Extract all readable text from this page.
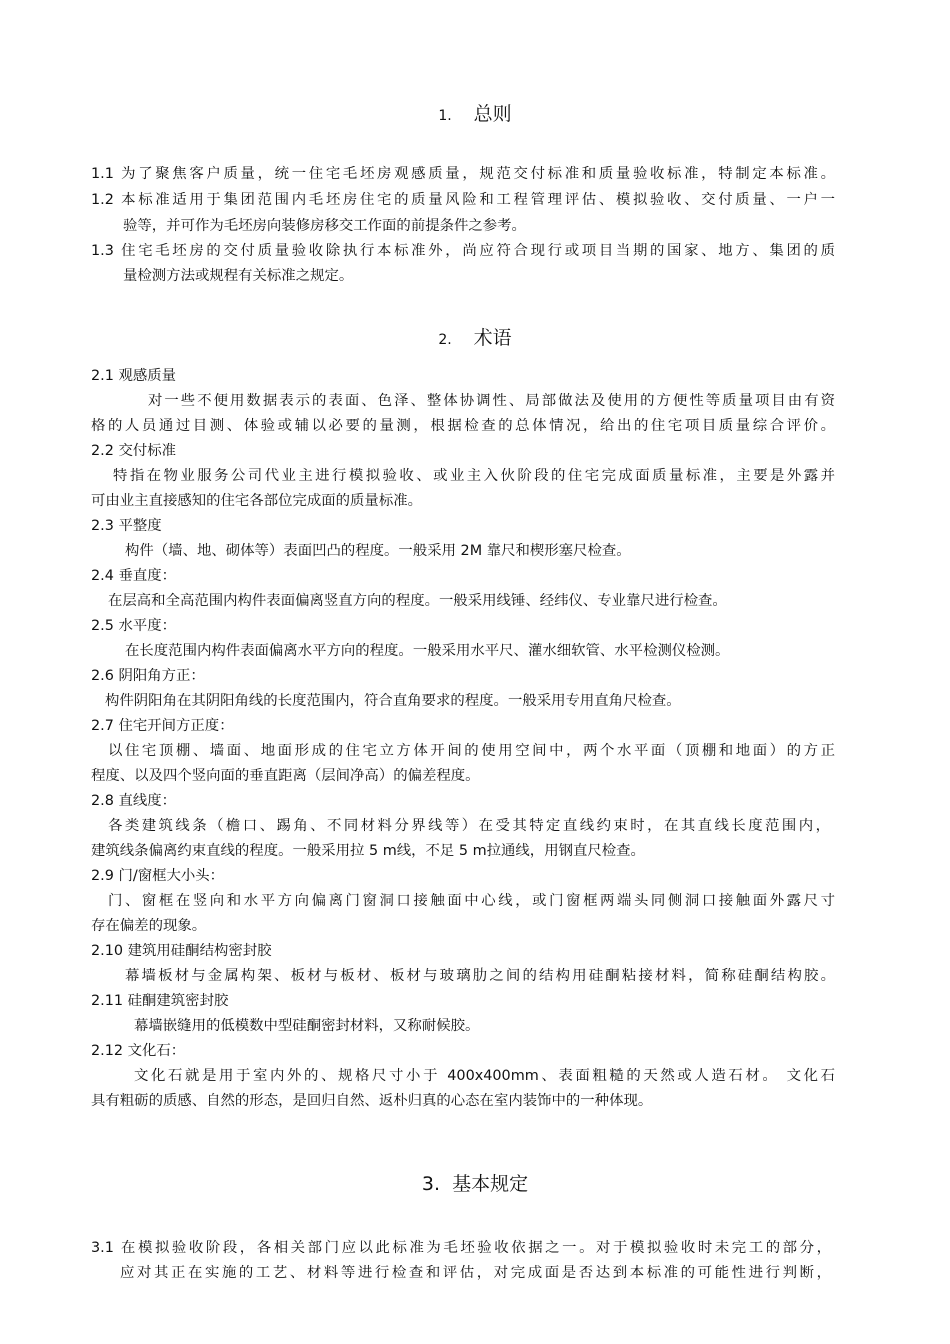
1. 总则
1.1 为了聚焦客户质量，统一住宅毛坯房观感质量，规范交付标准和质量验收标准，特制定本标准。
1.2 本标准适用于集团范围内毛坯房住宅的质量风险和工程管理评估、模拟验收、交付质量、一户一
验等，并可作为毛坯房向装修房移交工作面的前提条件之参考。
1.3 住宅毛坯房的交付质量验收除执行本标准外，尚应符合现行或项目当期的国家、地方、集团的质
量检测方法或规程有关标准之规定。
2. 术语
2.1 观感质量
对一些不便用数据表示的表面、色泽、整体协调性、局部做法及使用的方便性等质量项目由有资
格的人员通过目测、体验或辅以必要的量测，根据检查的总体情况，给出的住宅项目质量综合评价。
2.2 交付标准
特指在物业服务公司代业主进行模拟验收、或业主入伙阶段的住宅完成面质量标准，主要是外露并
可由业主直接感知的住宅各部位完成面的质量标准。
2.3 平整度
构件（墙、地、砌体等）表面凹凸的程度。一般采用 2M 靠尺和楔形塞尺检查。
2.4 垂直度：
在层高和全高范围内构件表面偏离竖直方向的程度。一般采用线锤、经纬仪、专业靠尺进行检查。
2.5 水平度：
在长度范围内构件表面偏离水平方向的程度。一般采用水平尺、灌水细软管、水平检测仪检测。
2.6 阴阳角方正：
构件阴阳角在其阴阳角线的长度范围内，符合直角要求的程度。一般采用专用直角尺检查。
2.7 住宅开间方正度：
以住宅顶棚、墙面、地面形成的住宅立方体开间的使用空间中，两个水平面（顶棚和地面）的方正
程度、以及四个竖向面的垂直距离（层间净高）的偏差程度。
2.8 直线度：
各类建筑线条（檐口、踢角、不同材料分界线等）在受其特定直线约束时，在其直线长度范围内，
建筑线条偏离约束直线的程度。一般采用拉 5 m线，不足 5 m拉通线，用钢直尺检查。
2.9 门/窗框大小头：
门、窗框在竖向和水平方向偏离门窗洞口接触面中心线，或门窗框两端头同侧洞口接触面外露尺寸
存在偏差的现象。
2.10 建筑用硅酮结构密封胶
幕墙板材与金属构架、板材与板材、板材与玻璃肋之间的结构用硅酮粘接材料，简称硅酮结构胶。
2.11 硅酮建筑密封胶
幕墙嵌缝用的低模数中型硅酮密封材料，又称耐候胶。
2.12 文化石：
文化石就是用于室内外的、规格尺寸小于 400x400mm、表面粗糙的天然或人造石材。 文化石
具有粗砺的质感、自然的形态，是回归自然、返朴归真的心态在室内装饰中的一种体现。
3. 基本规定
3.1 在模拟验收阶段，各相关部门应以此标准为毛坯验收依据之一。对于模拟验收时未完工的部分，
应对其正在实施的工艺、材料等进行检查和评估，对完成面是否达到本标准的可能性进行判断，
